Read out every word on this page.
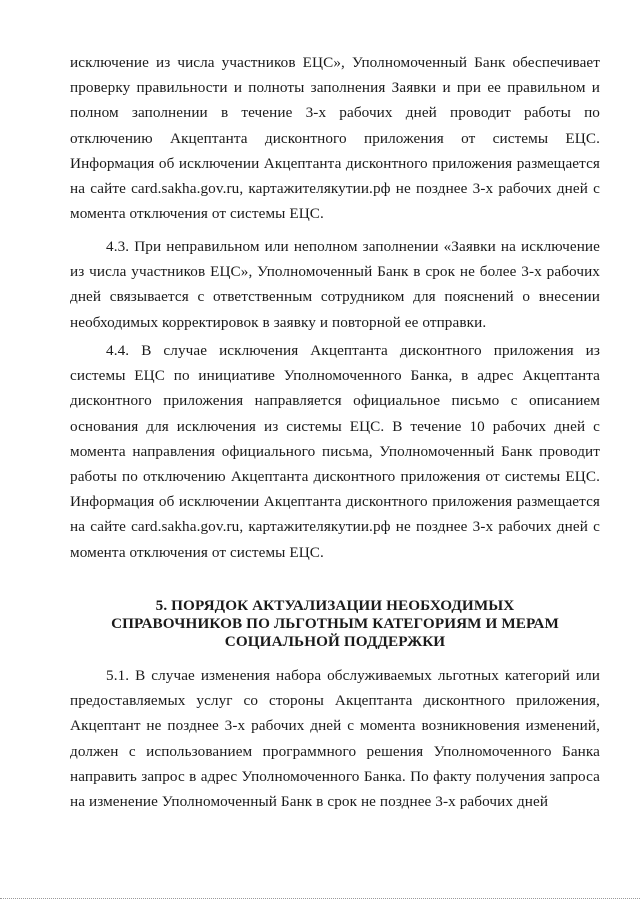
исключение из числа участников ЕЦС», Уполномоченный Банк обеспечивает проверку правильности и полноты заполнения Заявки и при ее правильном и полном заполнении в течение 3-х рабочих дней проводит работы по отключению Акцептанта дисконтного приложения от системы ЕЦС. Информация об исключении Акцептанта дисконтного приложения размещается на сайте card.sakha.gov.ru, картажителякутии.рф не позднее 3-х рабочих дней с момента отключения от системы ЕЦС.

4.3. При неправильном или неполном заполнении «Заявки на исключение из числа участников ЕЦС», Уполномоченный Банк в срок не более 3-х рабочих дней связывается с ответственным сотрудником для пояснений о внесении необходимых корректировок в заявку и повторной ее отправки.

4.4. В случае исключения Акцептанта дисконтного приложения из системы ЕЦС по инициативе Уполномоченного Банка, в адрес Акцептанта дисконтного приложения направляется официальное письмо с описанием основания для исключения из системы ЕЦС. В течение 10 рабочих дней с момента направления официального письма, Уполномоченный Банк проводит работы по отключению Акцептанта дисконтного приложения от системы ЕЦС. Информация об исключении Акцептанта дисконтного приложения размещается на сайте card.sakha.gov.ru, картажителякутии.рф не позднее 3-х рабочих дней с момента отключения от системы ЕЦС.

5. ПОРЯДОК АКТУАЛИЗАЦИИ НЕОБХОДИМЫХ
СПРАВОЧНИКОВ ПО ЛЬГОТНЫМ КАТЕГОРИЯМ И МЕРАМ
СОЦИАЛЬНОЙ ПОДДЕРЖКИ

5.1. В случае изменения набора обслуживаемых льготных категорий или предоставляемых услуг со стороны Акцептанта дисконтного приложения, Акцептант не позднее 3-х рабочих дней с момента возникновения изменений, должен с использованием программного решения Уполномоченного Банка направить запрос в адрес Уполномоченного Банка. По факту получения запроса на изменение Уполномоченный Банк в срок не позднее 3-х рабочих дней
